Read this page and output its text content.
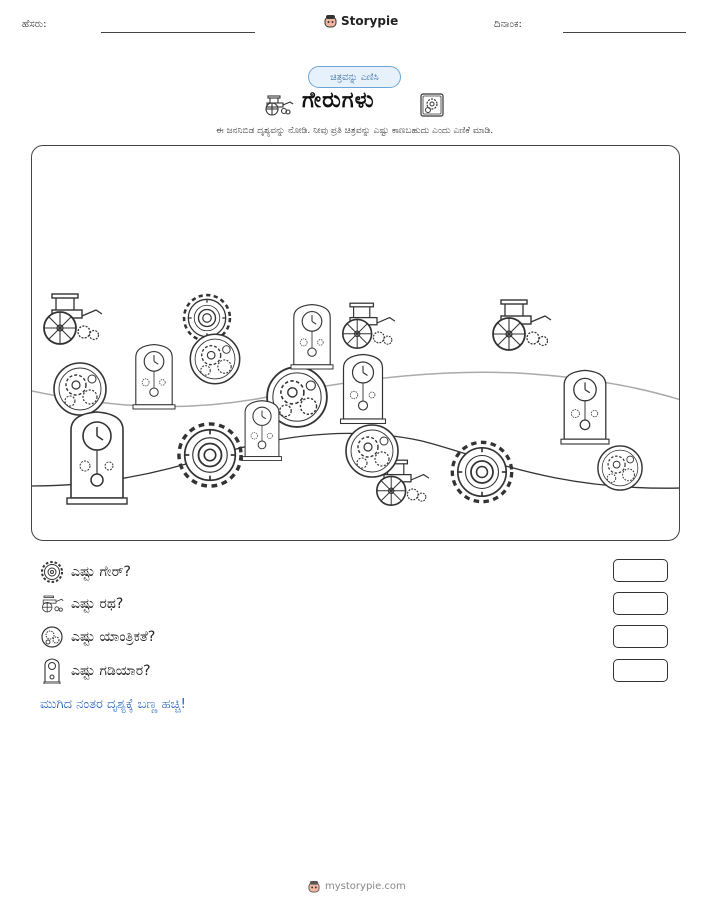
ಹೆಸರು:	Storypie	ದಿನಾಂಕ:
ಚಿತ್ರವನ್ನು ಎಣಿಸಿ
ಗೇರುಗಳು
ಈ ಜನನಿಬಿಡ ದೃಶ್ಯವನ್ನು ನೋಡಿ. ನೀವು ಪ್ರತಿ ಚಿತ್ರವನ್ನು ಎಷ್ಟು ಕಾಣಬಹುದು ಎಂದು ಎಣಿಕೆ ಮಾಡಿ.
ಎಷ್ಟು ಗೇರ್?
ಎಷ್ಟು ರಥ?
ಎಷ್ಟು ಯಾಂತ್ರಿಕತೆ?
ಎಷ್ಟು ಗಡಿಯಾರ?
ಮುಗಿದ ನಂತರ ದೃಶ್ಯಕ್ಕೆ ಬಣ್ಣ ಹಚ್ಚಿ!
mystorypie.com
